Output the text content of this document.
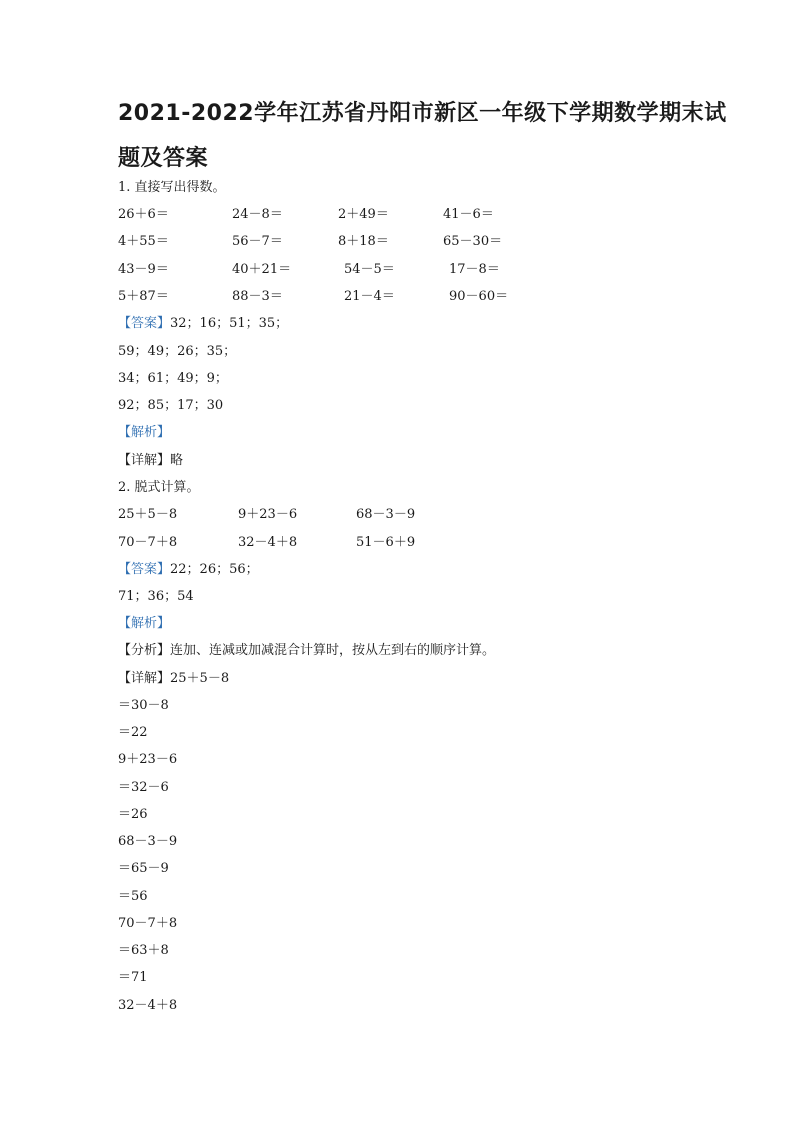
2021-2022学年江苏省丹阳市新区一年级下学期数学期末试
题及答案
1. 直接写出得数。
26＋6＝	24－8＝	2＋49＝	41－6＝
4＋55＝	56－7＝	8＋18＝	65－30＝
43－9＝	40＋21＝	54－5＝	17－8＝
5＋87＝	88－3＝	21－4＝	90－60＝
【答案】32；16；51；35；
59；49；26；35；
34；61；49；9；
92；85；17；30
【解析】
【详解】略
2. 脱式计算。
25＋5－8	9＋23－6	68－3－9
70－7＋8	32－4＋8	51－6＋9
【答案】22；26；56；
71；36；54
【解析】
【分析】连加、连减或加减混合计算时，按从左到右的顺序计算。
【详解】25＋5－8
＝30－8
＝22
9＋23－6
＝32－6
＝26
68－3－9
＝65－9
＝56
70－7＋8
＝63＋8
＝71
32－4＋8
